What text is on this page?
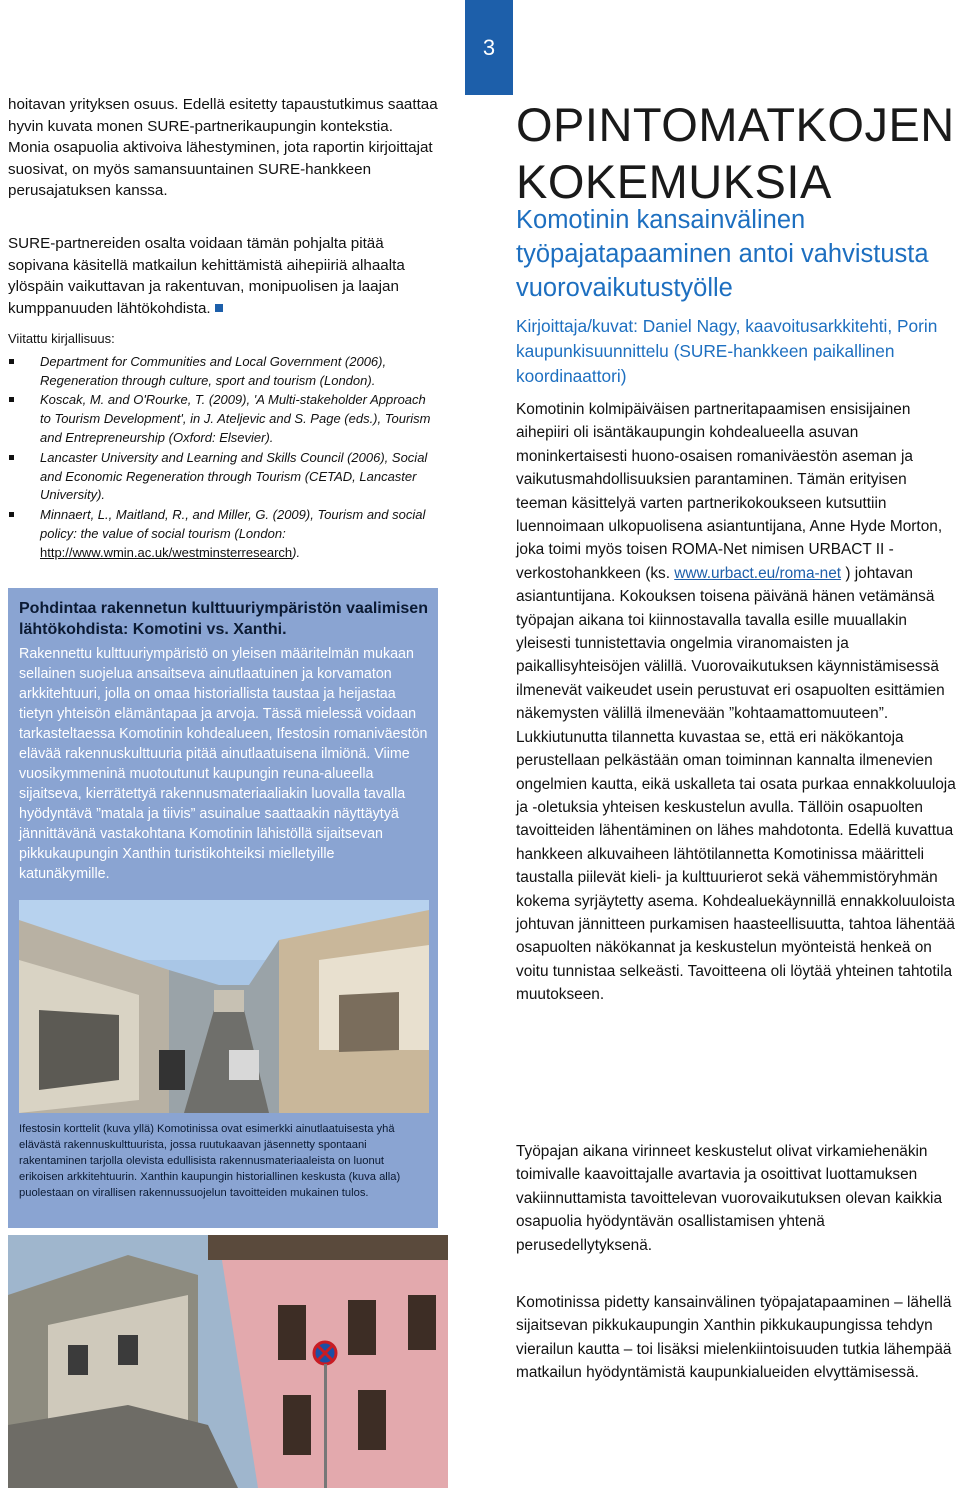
3

hoitavan yrityksen osuus. Edellä esitetty tapaustutkimus saattaa hyvin kuvata monen SURE-partnerikaupungin kontekstia. Monia osapuolia aktivoiva lähestyminen, jota raportin kirjoittajat suosivat, on myös samansuuntainen SURE-hankkeen perusajatuksen kanssa.

SURE-partnereiden osalta voidaan tämän pohjalta pitää sopivana käsitellä matkailun kehittämistä aihepiiriä alhaalta ylöspäin vaikuttavan ja rakentuvan, monipuolisen ja laajan kumppanuuden lähtökohdista.

Viitattu kirjallisuus:

Department for Communities and Local Government (2006), Regeneration through culture, sport and tourism (London).
Koscak, M. and O'Rourke, T. (2009), 'A Multi-stakeholder Approach to Tourism Development', in J. Ateljevic and S. Page (eds.), Tourism and Entrepreneurship (Oxford: Elsevier).
Lancaster University and Learning and Skills Council (2006), Social and Economic Regeneration through Tourism (CETAD, Lancaster University).
Minnaert, L., Maitland, R., and Miller, G. (2009), Tourism and social policy: the value of social tourism (London: http://www.wmin.ac.uk/westminsterresearch).
Pohdintaa rakennetun kulttuuriympäristön vaalimisen lähtökohdista: Komotini vs. Xanthi.
Rakennettu kulttuuriympäristö on yleisen määritelmän mukaan sellainen suojelua ansaitseva ainutlaatuinen ja korvamaton arkkitehtuuri, jolla on omaa historiallista taustaa ja heijastaa tietyn yhteisön elämäntapaa ja arvoja. Tässä mielessä voidaan tarkasteltaessa Komotinin kohdealueen, Ifestosin romaniväestön elävää rakennuskulttuuria pitää ainutlaatuisena ilmiönä. Viime vuosikymmeninä muotoutunut kaupungin reuna-alueella sijaitseva, kierrätettyä rakennusmateriaaliakin luovalla tavalla hyödyntävä ”matala ja tiivis” asuinalue saattaakin näyttäytyä jännittävänä vastakohtana Komotinin lähistöllä sijaitsevan pikkukaupungin Xanthin turistikohteiksi mielletyille katunäkymille.
Ifestosin korttelit (kuva yllä) Komotinissa ovat esimerkki ainutlaatuisesta yhä elävästä rakennuskulttuurista, jossa ruutukaavan jäsennetty spontaani rakentaminen tarjolla olevista edullisista rakennusmateriaaleista on luonut erikoisen arkkitehtuurin. Xanthin kaupungin historiallinen keskusta (kuva alla) puolestaan on virallisen rakennussuojelun tavoitteiden mukainen tulos.
OPINTOMATKOJEN KOKEMUKSIA
Komotinin kansainvälinen työpajatapaaminen antoi vahvistusta vuorovaikutustyölle
Kirjoittaja/kuvat: Daniel Nagy, kaavoitusarkkitehti, Porin kaupunkisuunnittelu (SURE-hankkeen paikallinen koordinaattori)
Komotinin kolmipäiväisen partneritapaamisen ensisijainen aihepiiri oli isäntäkaupungin kohdealueella asuvan moninkertaisesti huono-osaisen romaniväestön aseman ja vaikutusmahdollisuuksien parantaminen. Tämän erityisen teeman käsittelyä varten partnerikokoukseen kutsuttiin luennoimaan ulkopuolisena asiantuntijana, Anne Hyde Morton, joka toimi myös toisen ROMA-Net nimisen URBACT II -verkostohankkeen (ks. www.urbact.eu/roma-net ) johtavan asiantuntijana. Kokouksen toisena päivänä hänen vetämänsä työpajan aikana toi kiinnostavalla tavalla esille muuallakin yleisesti tunnistettavia ongelmia viranomaisten ja paikallisyhteisöjen välillä. Vuorovaikutuksen käynnistämisessä ilmenevät vaikeudet usein perustuvat eri osapuolten esittämien näkemysten välillä ilmenevään ”kohtaamattomuuteen”. Lukkiutunutta tilannetta kuvastaa se, että eri näkökantoja perustellaan pelkästään oman toiminnan kannalta ilmenevien ongelmien kautta, eikä uskalleta tai osata purkaa ennakkoluuloja ja -oletuksia yhteisen keskustelun avulla. Tällöin osapuolten tavoitteiden lähentäminen on lähes mahdotonta. Edellä kuvattua hankkeen alkuvaiheen lähtötilannetta Komotinissa määritteli taustalla piilevät kieli- ja kulttuurierot sekä vähemmistöryhmän kokema syrjäytetty asema. Kohdealuekäynnillä ennakkoluuloista johtuvan jännitteen purkamisen haasteellisuutta, tahtoa lähentää osapuolten näkökannat ja keskustelun myönteistä henkeä on voitu tunnistaa selkeästi. Tavoitteena oli löytää yhteinen tahtotila muutokseen.
Työpajan aikana virinneet keskustelut olivat virkamiehenäkin toimivalle kaavoittajalle avartavia ja osoittivat luottamuksen vakiinnuttamista tavoittelevan vuorovaikutuksen olevan kaikkia osapuolia hyödyntävän osallistamisen yhtenä perusedellytyksenä.
Komotinissa pidetty kansainvälinen työpajatapaaminen – lähellä sijaitsevan pikkukaupungin Xanthin pikkukaupungissa tehdyn vierailun kautta – toi lisäksi mielenkiintoisuuden tutkia lähempää matkailun hyödyntämistä kaupunkialueiden elvyttämisessä.
